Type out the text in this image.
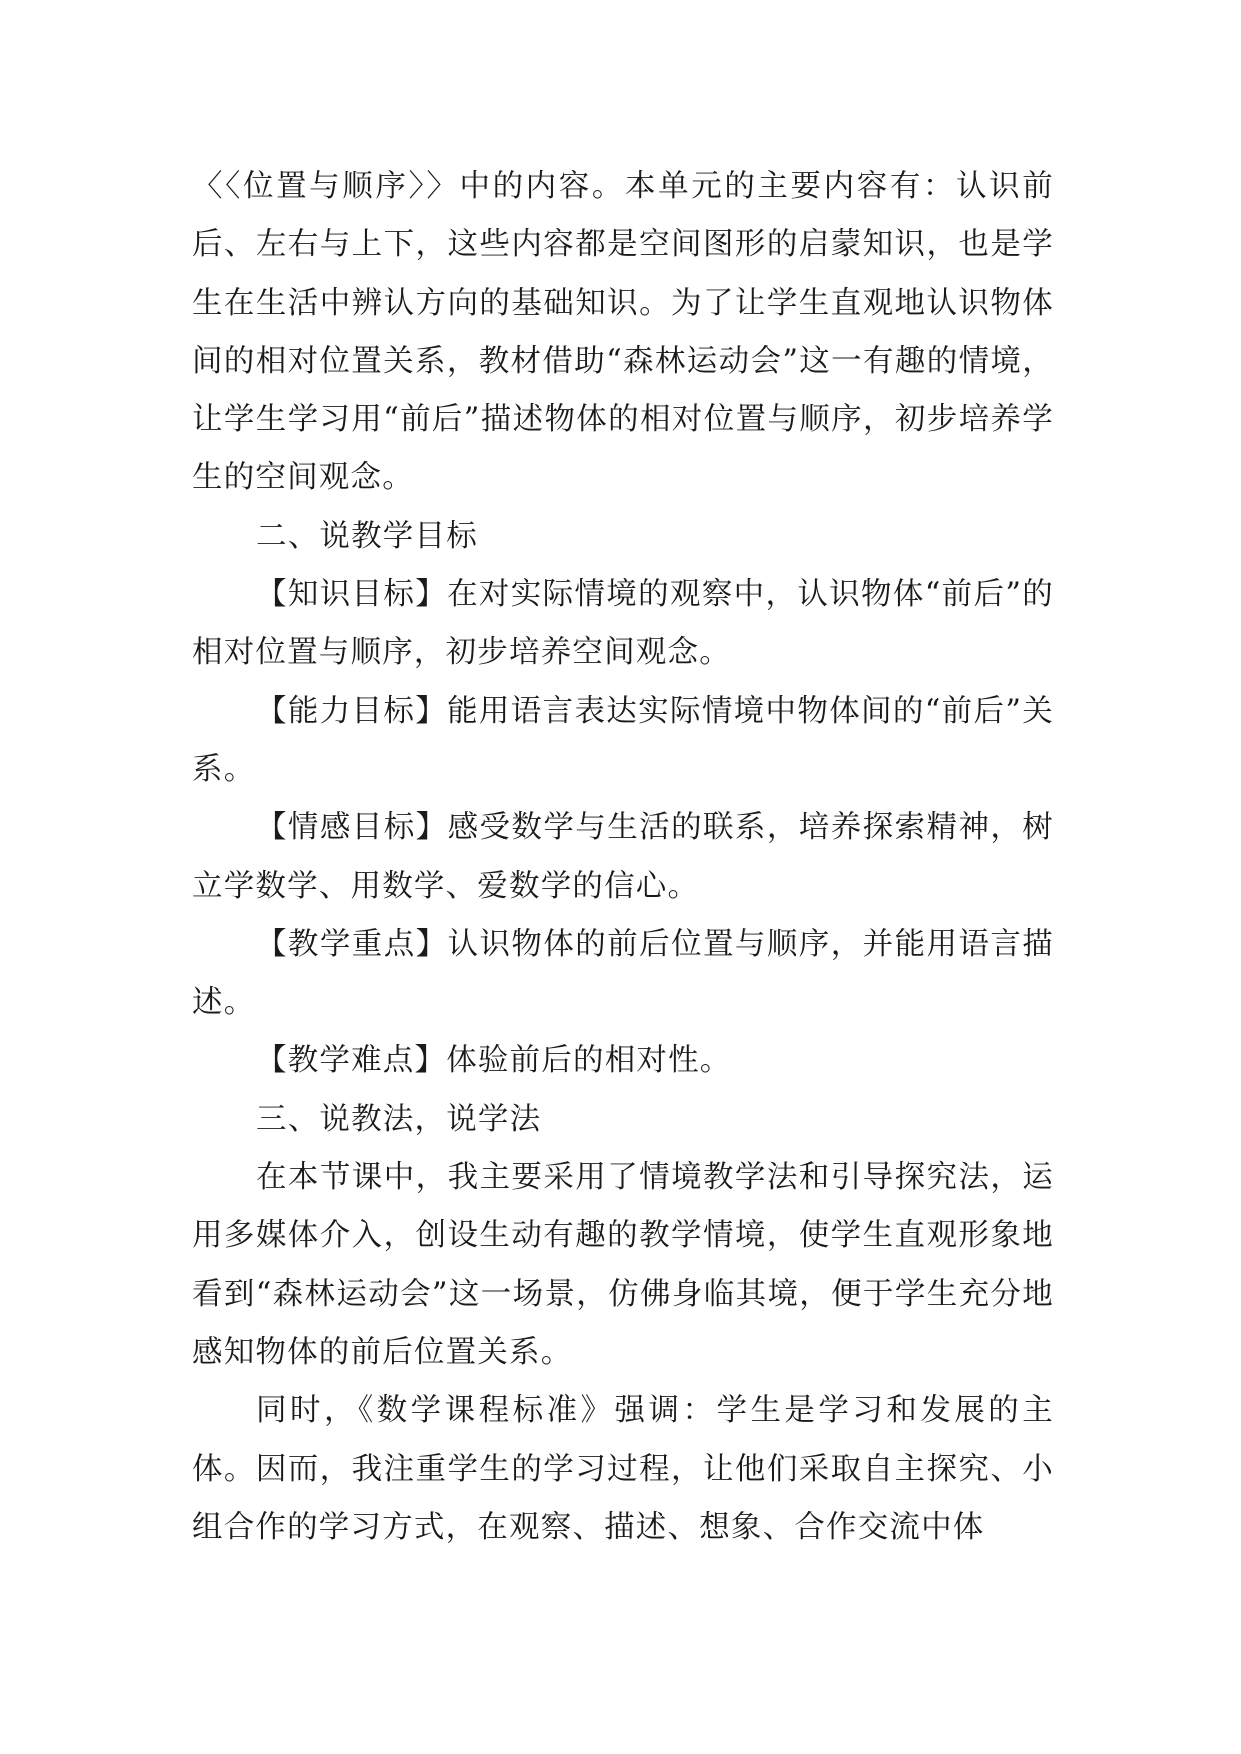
〈〈位置与顺序〉〉中的内容。本单元的主要内容有：认识前后、左右与上下，这些内容都是空间图形的启蒙知识，也是学生在生活中辨认方向的基础知识。为了让学生直观地认识物体间的相对位置关系，教材借助“森林运动会”这一有趣的情境，让学生学习用“前后”描述物体的相对位置与顺序，初步培养学生的空间观念。

二、说教学目标

【知识目标】在对实际情境的观察中，认识物体“前后”的相对位置与顺序，初步培养空间观念。

【能力目标】能用语言表达实际情境中物体间的“前后”关系。

【情感目标】感受数学与生活的联系，培养探索精神，树立学数学、用数学、爱数学的信心。

【教学重点】认识物体的前后位置与顺序，并能用语言描述。

【教学难点】体验前后的相对性。

三、说教法，说学法

在本节课中，我主要采用了情境教学法和引导探究法，运用多媒体介入，创设生动有趣的教学情境，使学生直观形象地看到“森林运动会”这一场景，仿佛身临其境，便于学生充分地感知物体的前后位置关系。

同时，《数学课程标准》强调：学生是学习和发展的主体。因而，我注重学生的学习过程，让他们采取自主探究、小组合作的学习方式，在观察、描述、想象、合作交流中体
